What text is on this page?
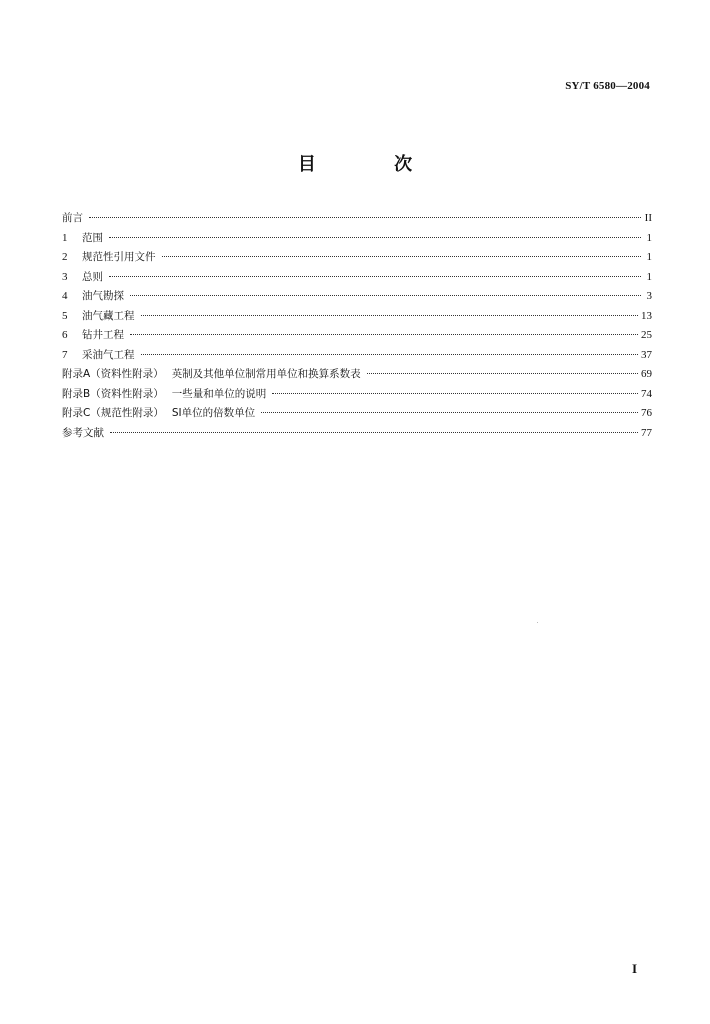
SY/T 6580—2004
目 次
前言	II
1 范围	1
2 规范性引用文件	1
3 总则	1
4 油气勘探	3
5 油气藏工程	13
6 钻井工程	25
7 采油气工程	37
附录A（资料性附录） 英制及其他单位制常用单位和换算系数表	69
附录B（资料性附录） 一些量和单位的说明	74
附录C（规范性附录） SI单位的倍数单位	76
参考文献	77
I
